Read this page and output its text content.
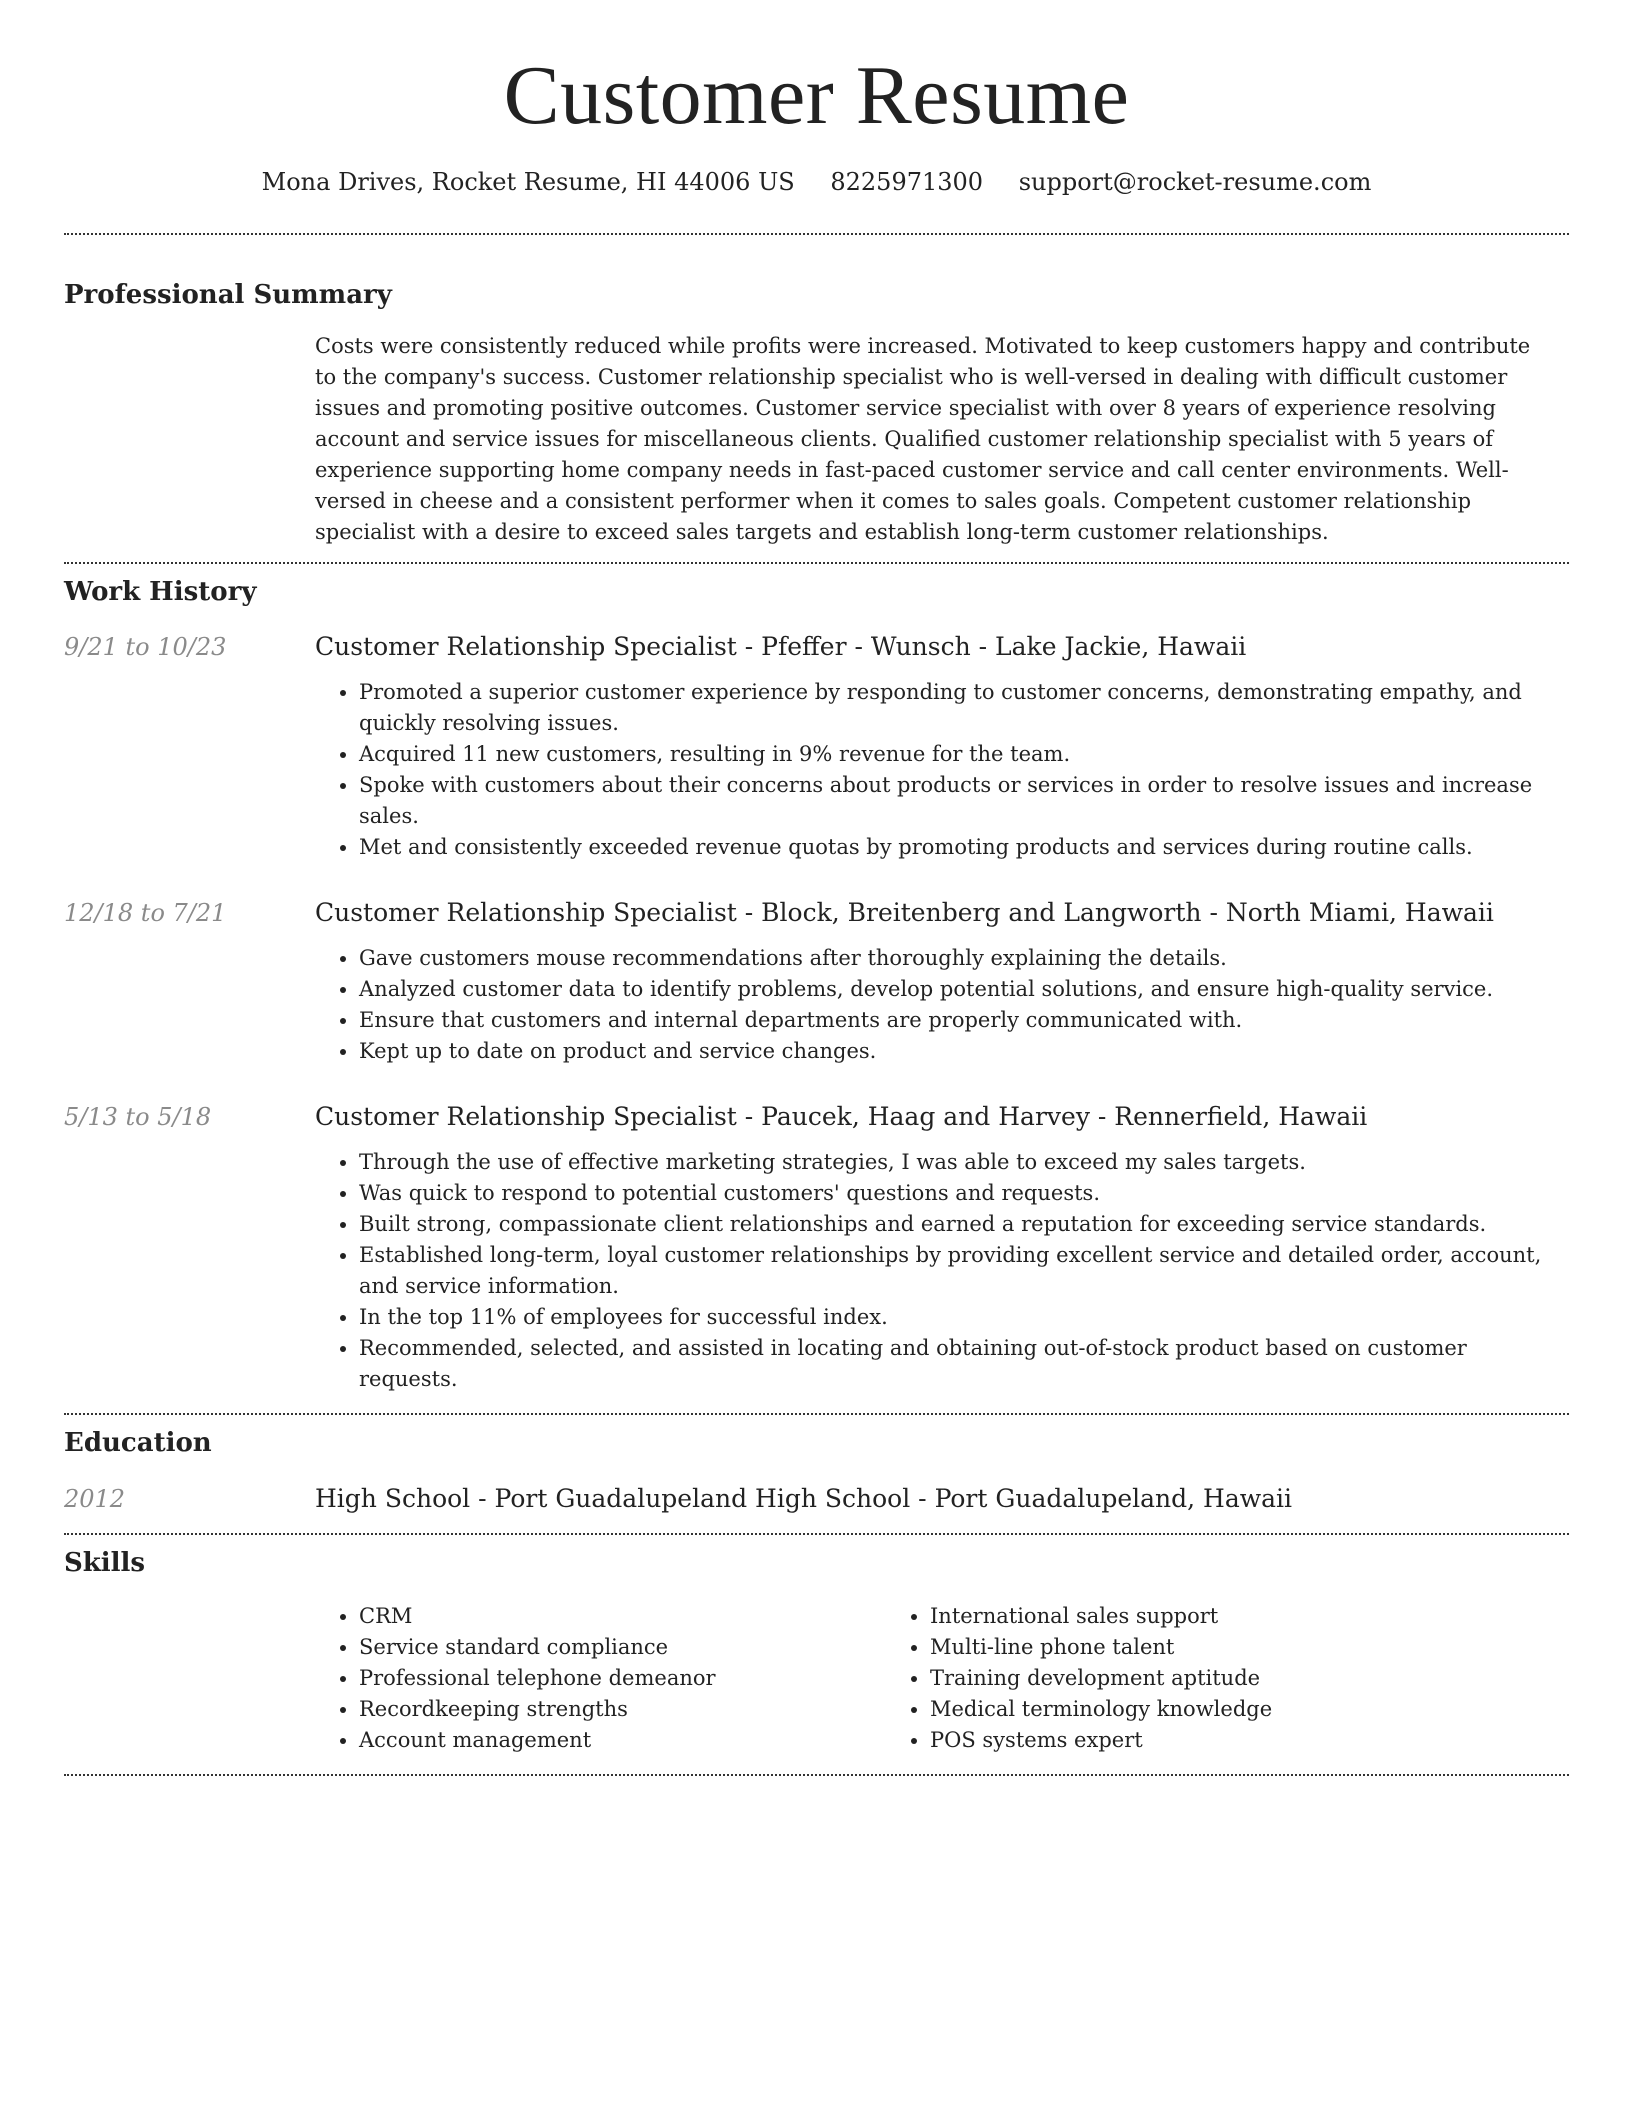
Customer Resume
Mona Drives, Rocket Resume, HI 44006 US 8225971300 support@rocket-resume.com
Professional Summary

Costs were consistently reduced while profits were increased. Motivated to keep customers happy and contribute to the company's success. Customer relationship specialist who is well-versed in dealing with difficult customer issues and promoting positive outcomes. Customer service specialist with over 8 years of experience resolving account and service issues for miscellaneous clients. Qualified customer relationship specialist with 5 years of experience supporting home company needs in fast-paced customer service and call center environments. Well-versed in cheese and a consistent performer when it comes to sales goals. Competent customer relationship specialist with a desire to exceed sales targets and establish long-term customer relationships.

Work History
9/21 to 10/23	Customer Relationship Specialist - Pfeffer - Wunsch - Lake Jackie, Hawaii
• Promoted a superior customer experience by responding to customer concerns, demonstrating empathy, and quickly resolving issues.
• Acquired 11 new customers, resulting in 9% revenue for the team.
• Spoke with customers about their concerns about products or services in order to resolve issues and increase sales.
• Met and consistently exceeded revenue quotas by promoting products and services during routine calls.
12/18 to 7/21	Customer Relationship Specialist - Block, Breitenberg and Langworth - North Miami, Hawaii
• Gave customers mouse recommendations after thoroughly explaining the details.
• Analyzed customer data to identify problems, develop potential solutions, and ensure high-quality service.
• Ensure that customers and internal departments are properly communicated with.
• Kept up to date on product and service changes.
5/13 to 5/18	Customer Relationship Specialist - Paucek, Haag and Harvey - Rennerfield, Hawaii
• Through the use of effective marketing strategies, I was able to exceed my sales targets.
• Was quick to respond to potential customers' questions and requests.
• Built strong, compassionate client relationships and earned a reputation for exceeding service standards.
• Established long-term, loyal customer relationships by providing excellent service and detailed order, account, and service information.
• In the top 11% of employees for successful index.
• Recommended, selected, and assisted in locating and obtaining out-of-stock product based on customer requests.
Education
2012	High School - Port Guadalupeland High School - Port Guadalupeland, Hawaii
Skills
• CRM
• Service standard compliance
• Professional telephone demeanor
• Recordkeeping strengths
• Account management
• International sales support
• Multi-line phone talent
• Training development aptitude
• Medical terminology knowledge
• POS systems expert
